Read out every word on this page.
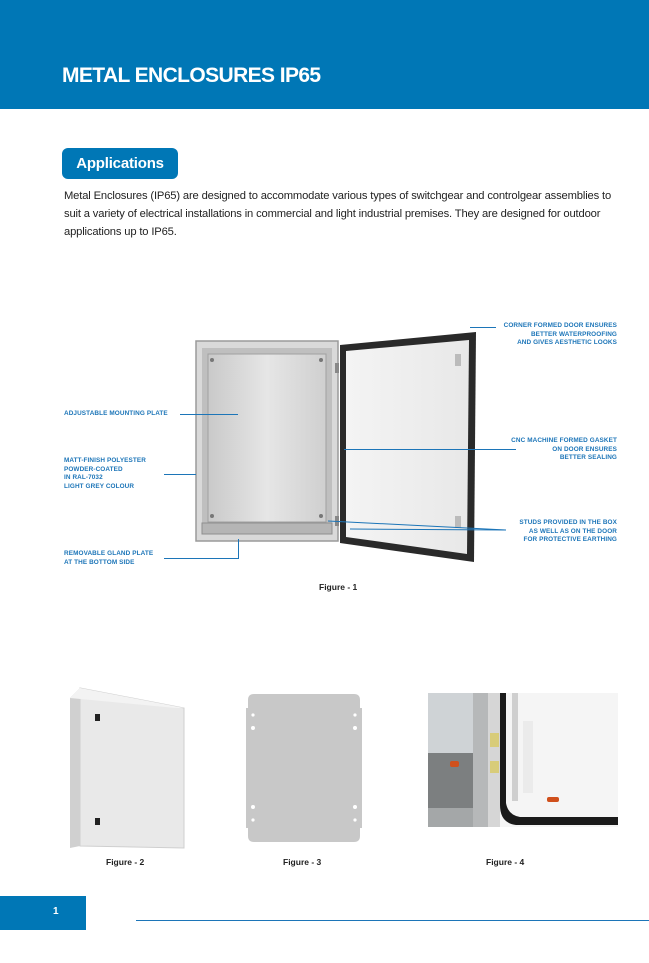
METAL ENCLOSURES IP65
Applications
Metal Enclosures (IP65) are designed to accommodate various types of switchgear and controlgear assemblies to suit a variety of electrical installations in commercial and light industrial premises. They are designed for outdoor applications up to IP65.
ADJUSTABLE MOUNTING PLATE
MATT-FINISH POLYESTER
POWDER-COATED
IN RAL-7032
LIGHT GREY COLOUR
REMOVABLE GLAND PLATE
AT THE BOTTOM SIDE
CORNER FORMED DOOR ENSURES
BETTER WATERPROOFING
AND GIVES AESTHETIC LOOKS
CNC MACHINE FORMED GASKET
ON DOOR ENSURES
BETTER SEALING
STUDS PROVIDED IN THE BOX
AS WELL AS ON THE DOOR
FOR PROTECTIVE EARTHING
Figure - 1
Figure - 2	Figure - 3	Figure - 4
1
